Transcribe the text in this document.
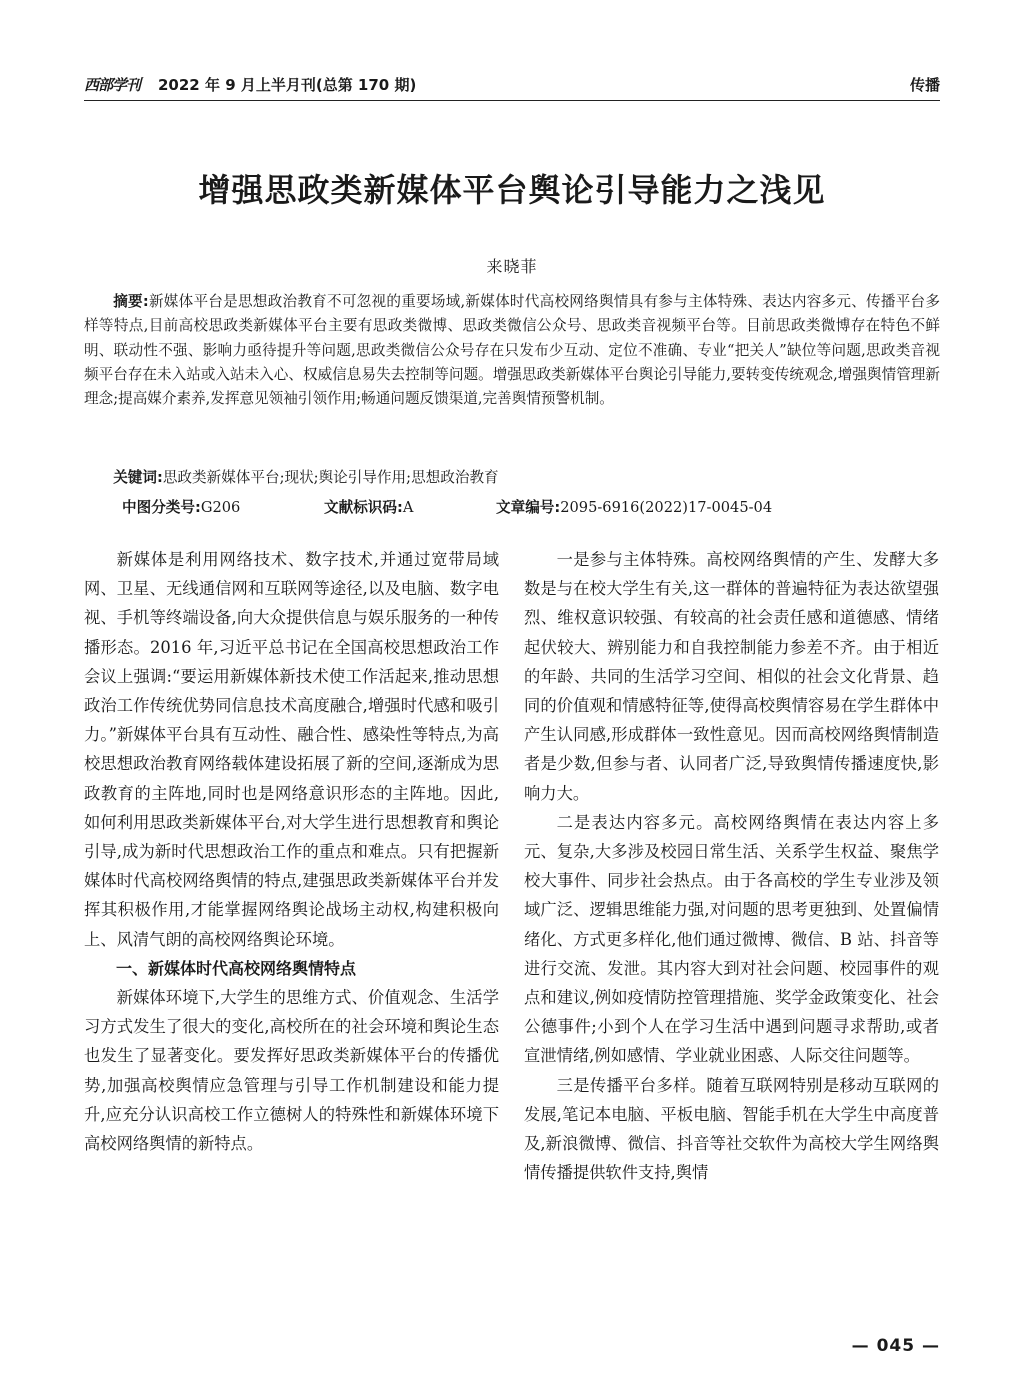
西部学刊 2022 年 9 月上半月刊(总第 170 期)	传播
增强思政类新媒体平台舆论引导能力之浅见
来晓菲

摘要:新媒体平台是思想政治教育不可忽视的重要场域,新媒体时代高校网络舆情具有参与主体特殊、表达内容多元、传播平台多样等特点,目前高校思政类新媒体平台主要有思政类微博、思政类微信公众号、思政类音视频平台等。目前思政类微博存在特色不鲜明、联动性不强、影响力亟待提升等问题,思政类微信公众号存在只发布少互动、定位不准确、专业“把关人”缺位等问题,思政类音视频平台存在未入站或入站未入心、权威信息易失去控制等问题。增强思政类新媒体平台舆论引导能力,要转变传统观念,增强舆情管理新理念;提高媒介素养,发挥意见领袖引领作用;畅通问题反馈渠道,完善舆情预警机制。

关键词:思政类新媒体平台;现状;舆论引导作用;思想政治教育

中图分类号:G206	文献标识码:A	文章编号:2095-6916(2022)17-0045-04

新媒体是利用网络技术、数字技术,并通过宽带局域网、卫星、无线通信网和互联网等途径,以及电脑、数字电视、手机等终端设备,向大众提供信息与娱乐服务的一种传播形态。2016 年,习近平总书记在全国高校思想政治工作会议上强调:“要运用新媒体新技术使工作活起来,推动思想政治工作传统优势同信息技术高度融合,增强时代感和吸引力。”新媒体平台具有互动性、融合性、感染性等特点,为高校思想政治教育网络载体建设拓展了新的空间,逐渐成为思政教育的主阵地,同时也是网络意识形态的主阵地。因此,如何利用思政类新媒体平台,对大学生进行思想教育和舆论引导,成为新时代思想政治工作的重点和难点。只有把握新媒体时代高校网络舆情的特点,建强思政类新媒体平台并发挥其积极作用,才能掌握网络舆论战场主动权,构建积极向上、风清气朗的高校网络舆论环境。

一、新媒体时代高校网络舆情特点

新媒体环境下,大学生的思维方式、价值观念、生活学习方式发生了很大的变化,高校所在的社会环境和舆论生态也发生了显著变化。要发挥好思政类新媒体平台的传播优势,加强高校舆情应急管理与引导工作机制建设和能力提升,应充分认识高校工作立德树人的特殊性和新媒体环境下高校网络舆情的新特点。

一是参与主体特殊。高校网络舆情的产生、发酵大多数是与在校大学生有关,这一群体的普遍特征为表达欲望强烈、维权意识较强、有较高的社会责任感和道德感、情绪起伏较大、辨别能力和自我控制能力参差不齐。由于相近的年龄、共同的生活学习空间、相似的社会文化背景、趋同的价值观和情感特征等,使得高校舆情容易在学生群体中产生认同感,形成群体一致性意见。因而高校网络舆情制造者是少数,但参与者、认同者广泛,导致舆情传播速度快,影响力大。

二是表达内容多元。高校网络舆情在表达内容上多元、复杂,大多涉及校园日常生活、关系学生权益、聚焦学校大事件、同步社会热点。由于各高校的学生专业涉及领域广泛、逻辑思维能力强,对问题的思考更独到、处置偏情绪化、方式更多样化,他们通过微博、微信、B 站、抖音等进行交流、发泄。其内容大到对社会问题、校园事件的观点和建议,例如疫情防控管理措施、奖学金政策变化、社会公德事件;小到个人在学习生活中遇到问题寻求帮助,或者宣泄情绪,例如感情、学业就业困惑、人际交往问题等。

三是传播平台多样。随着互联网特别是移动互联网的发展,笔记本电脑、平板电脑、智能手机在大学生中高度普及,新浪微博、微信、抖音等社交软件为高校大学生网络舆情传播提供软件支持,舆情

— 045 —
